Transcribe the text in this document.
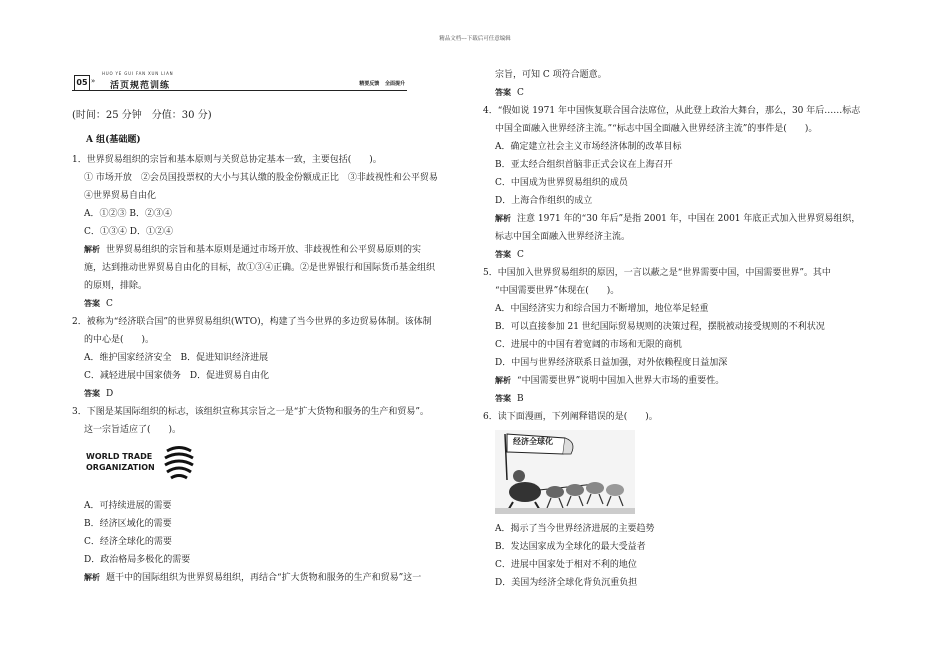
精品文档---下载后可任意编辑
05 »
HUO YE GUI FAN XUN LIAN
活页规范训练	精要反馈 全面提升

(时间：25 分钟　分值：30 分)

A 组(基础题)

1．世界贸易组织的宗旨和基本原则与关贸总协定基本一致，主要包括(　　)。

① 市场开放　②会员国投票权的大小与其认缴的股金份额成正比　③非歧视性和公平贸易

④世界贸易自由化

A．①②③ B．②③④

C．①③④ D．①②④

解析 世界贸易组织的宗旨和基本原则是通过市场开放、非歧视性和公平贸易原则的实

施，达到推动世界贸易自由化的目标，故①③④正确。②是世界银行和国际货币基金组织

的原则，排除。

答案 C

2．被称为“经济联合国”的世界贸易组织(WTO)，构建了当今世界的多边贸易体制。该体制

的中心是(　　)。

A．维护国家经济安全　B．促进知识经济进展

C．减轻进展中国家债务　D．促进贸易自由化

答案 D

3．下图是某国际组织的标志，该组织宣称其宗旨之一是“扩大货物和服务的生产和贸易”。

这一宗旨适应了(　　)。

WORLD TRADE
ORGANIZATION

A．可持续进展的需要

B．经济区域化的需要

C．经济全球化的需要

D．政治格局多极化的需要

解析 题干中的国际组织为世界贸易组织，再结合“扩大货物和服务的生产和贸易”这一

宗旨，可知 C 项符合题意。

答案 C

4．“假如说 1971 年中国恢复联合国合法席位，从此登上政治大舞台，那么，30 年后……标志

中国全面融入世界经济主流。”“标志中国全面融入世界经济主流”的事件是(　　)。

A．确定建立社会主义市场经济体制的改革目标

B．亚太经合组织首脑非正式会议在上海召开

C．中国成为世界贸易组织的成员

D．上海合作组织的成立

解析 注意 1971 年的“30 年后”是指 2001 年，中国在 2001 年底正式加入世界贸易组织，

标志中国全面融入世界经济主流。

答案 C

5．中国加入世界贸易组织的原因，一言以蔽之是“世界需要中国，中国需要世界”。其中

“中国需要世界”体现在(　　)。

A．中国经济实力和综合国力不断增加，地位举足轻重

B．可以直接参加 21 世纪国际贸易规则的决策过程，摆脱被动接受规则的不利状况

C．进展中的中国有着宽阔的市场和无限的商机

D．中国与世界经济联系日益加强，对外依赖程度日益加深

解析 “中国需要世界”说明中国加入世界大市场的重要性。

答案 B

6．读下面漫画，下列阐释错误的是(　　)。

经济全球化

A．揭示了当今世界经济进展的主要趋势

B．发达国家成为全球化的最大受益者

C．进展中国家处于相对不利的地位

D．美国为经济全球化背负沉重负担
